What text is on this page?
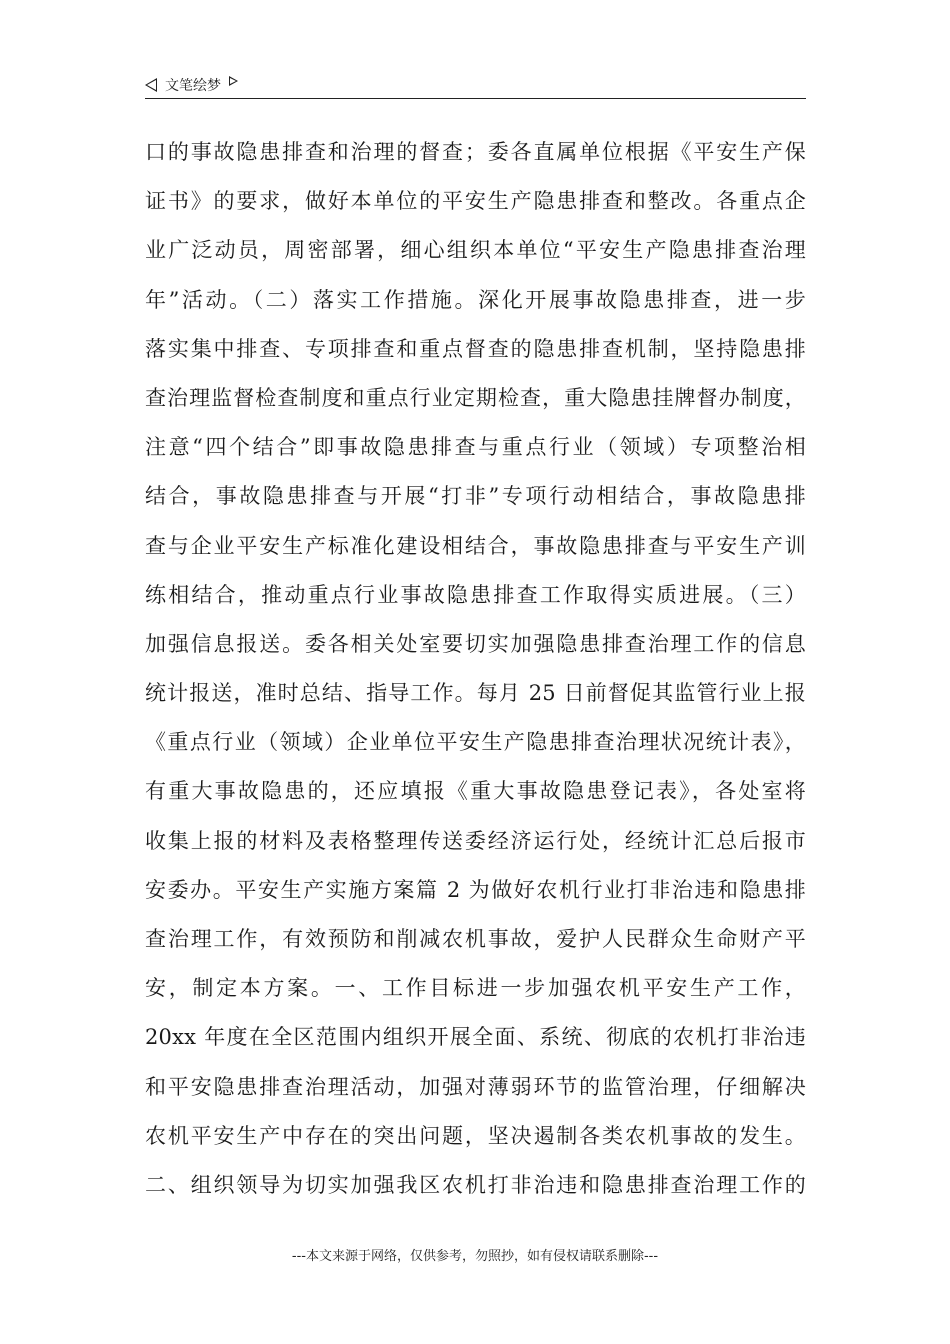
文笔绘梦
口的事故隐患排查和治理的督查；委各直属单位根据《平安生产保
证书》的要求，做好本单位的平安生产隐患排查和整改。各重点企
业广泛动员，周密部署，细心组织本单位“平安生产隐患排查治理
年”活动。（二）落实工作措施。深化开展事故隐患排查，进一步
落实集中排查、专项排查和重点督查的隐患排查机制，坚持隐患排
查治理监督检查制度和重点行业定期检查，重大隐患挂牌督办制度，
注意“四个结合”即事故隐患排查与重点行业（领域）专项整治相
结合，事故隐患排查与开展“打非”专项行动相结合，事故隐患排
查与企业平安生产标准化建设相结合，事故隐患排查与平安生产训
练相结合，推动重点行业事故隐患排查工作取得实质进展。（三）
加强信息报送。委各相关处室要切实加强隐患排查治理工作的信息
统计报送，准时总结、指导工作。每月 25 日前督促其监管行业上报
《重点行业（领域）企业单位平安生产隐患排查治理状况统计表》，
有重大事故隐患的，还应填报《重大事故隐患登记表》，各处室将
收集上报的材料及表格整理传送委经济运行处，经统计汇总后报市
安委办。平安生产实施方案篇 2 为做好农机行业打非治违和隐患排
查治理工作，有效预防和削减农机事故，爱护人民群众生命财产平
安，制定本方案。一、工作目标进一步加强农机平安生产工作，
20xx 年度在全区范围内组织开展全面、系统、彻底的农机打非治违
和平安隐患排查治理活动，加强对薄弱环节的监管治理，仔细解决
农机平安生产中存在的突出问题，坚决遏制各类农机事故的发生。
二、组织领导为切实加强我区农机打非治违和隐患排查治理工作的
---本文来源于网络，仅供参考，勿照抄，如有侵权请联系删除---
